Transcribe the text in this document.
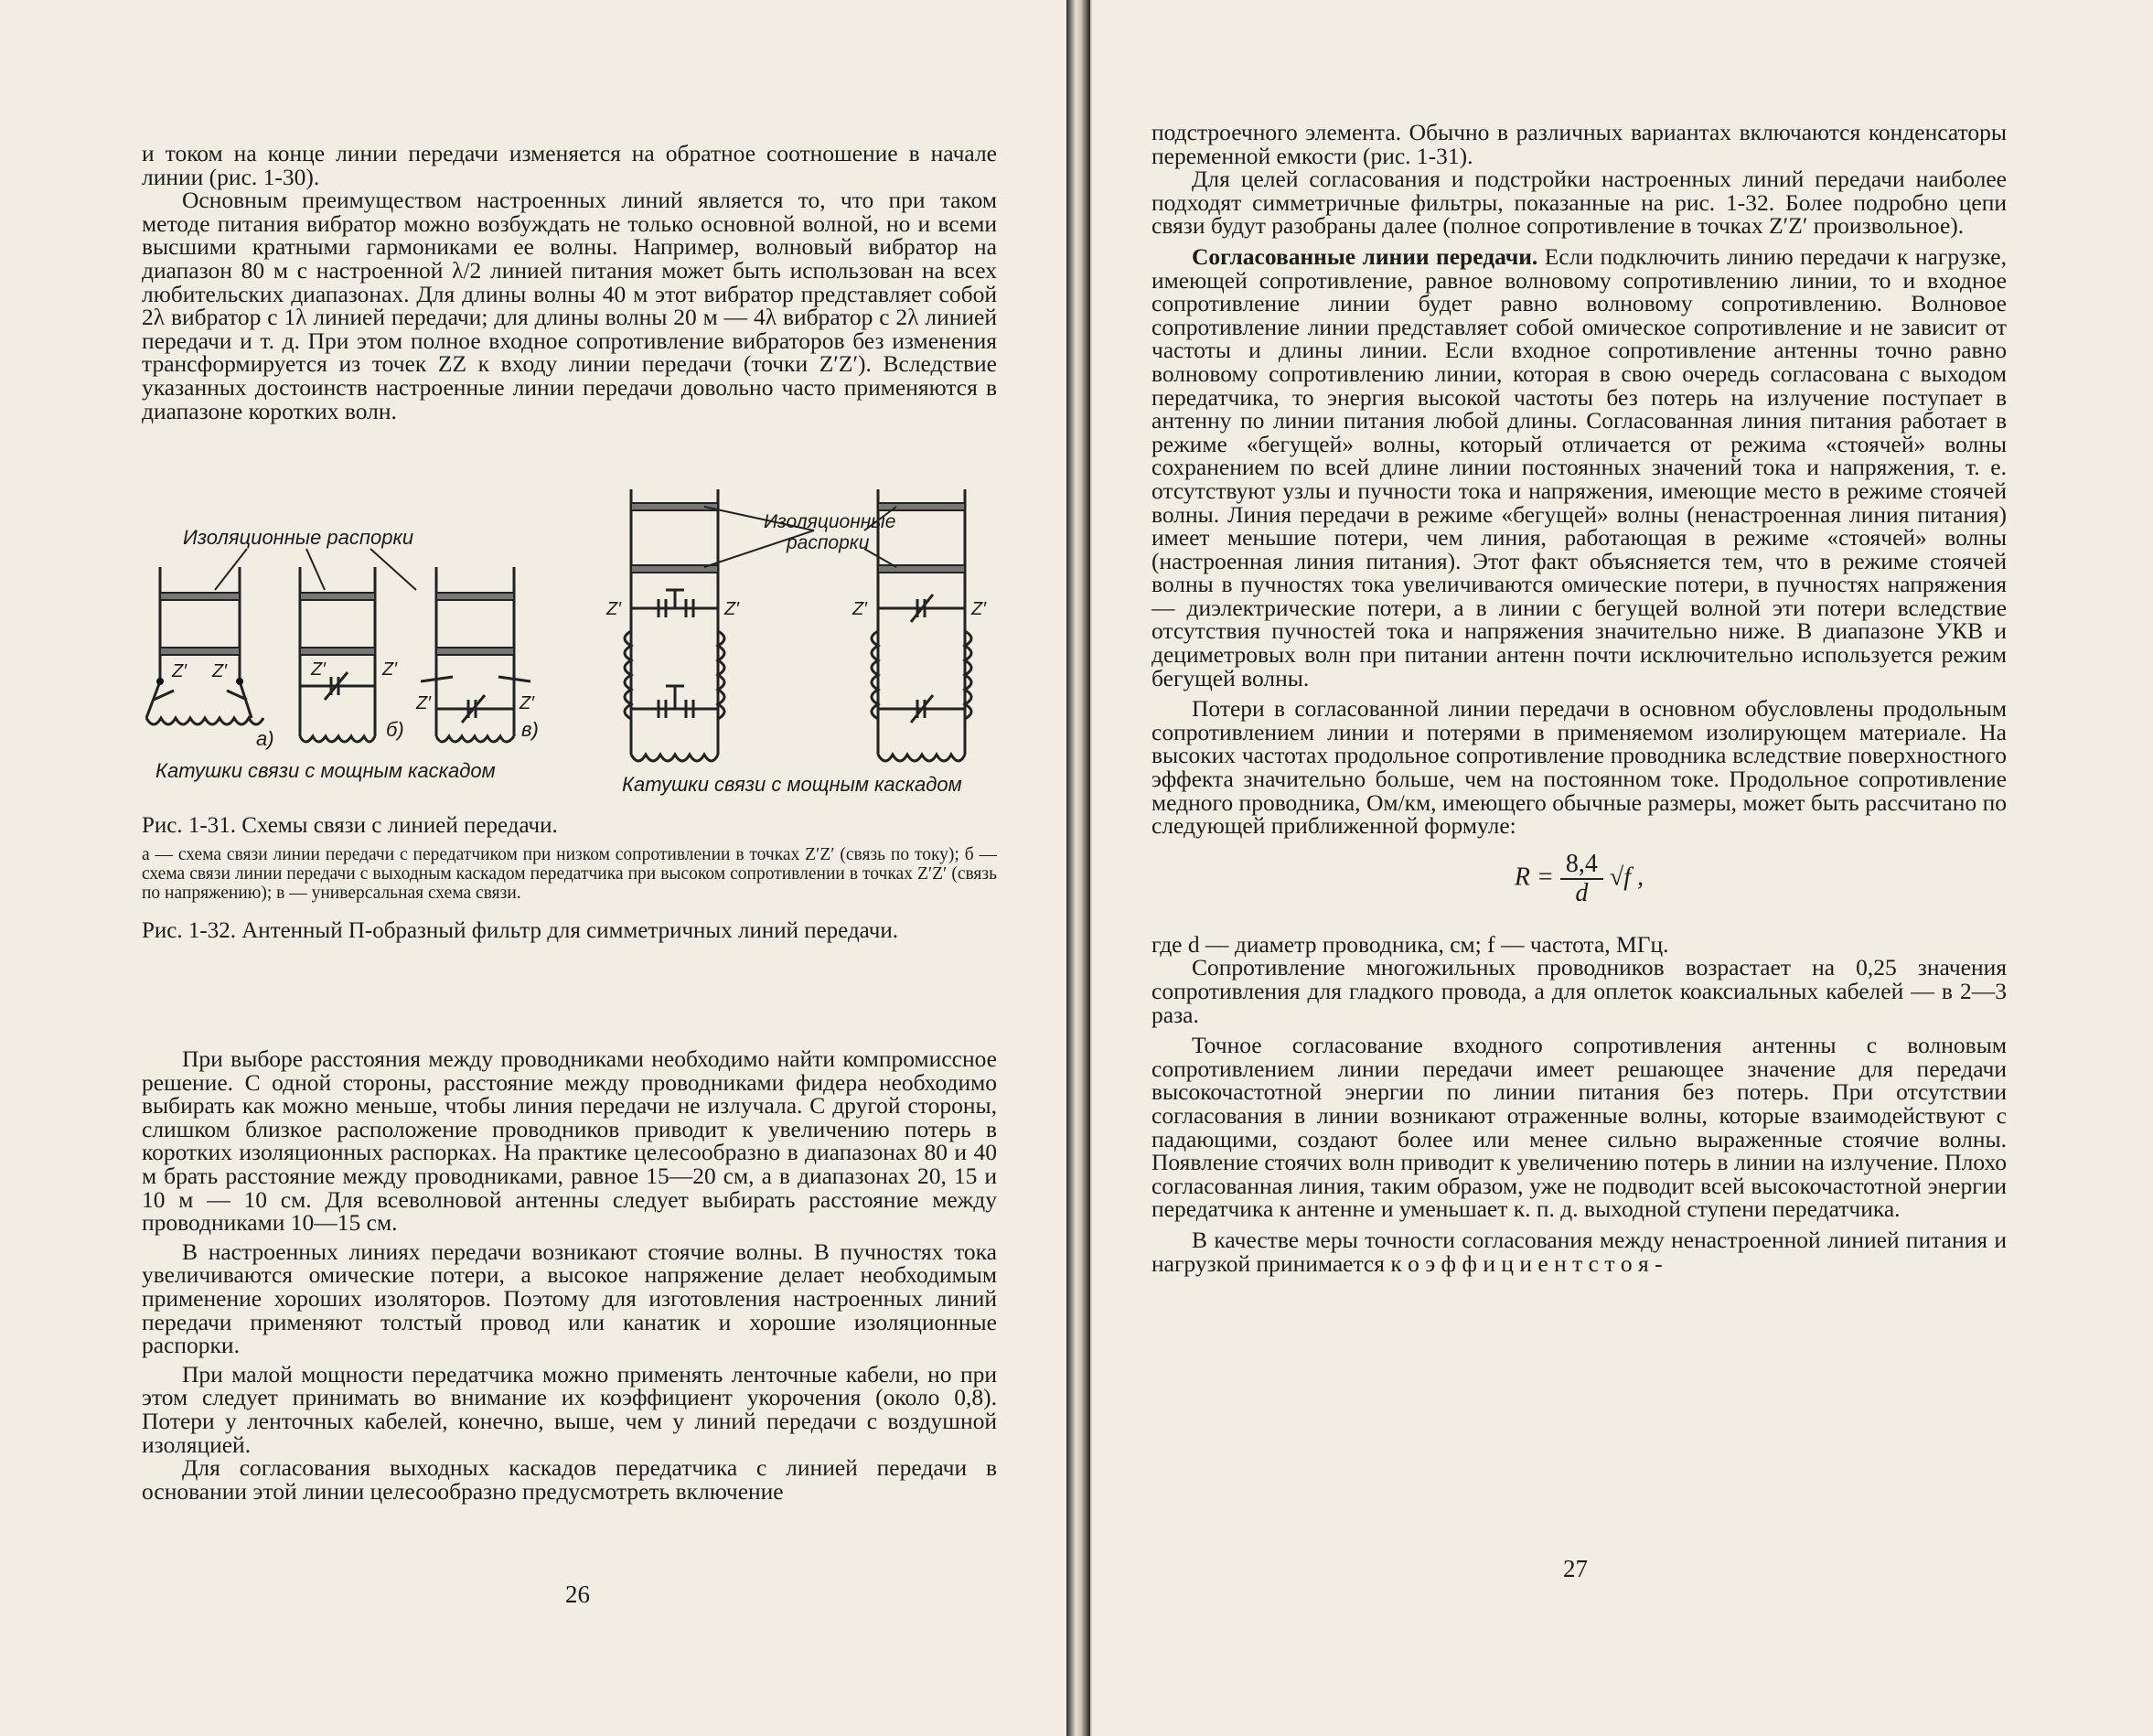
и током на конце линии передачи изменяется на обратное соотношение в начале линии (рис. 1-30).

Основным преимуществом настроенных линий является то, что при таком методе питания вибратор можно возбуждать не только основной волной, но и всеми высшими кратными гармониками ее волны. Например, волновый вибратор на диапазон 80 м с настроенной λ/2 линией питания может быть использован на всех любительских диапазонах. Для длины волны 40 м этот вибратор представляет собой 2λ вибратор с 1λ линией передачи; для длины волны 20 м — 4λ вибратор с 2λ линией передачи и т. д. При этом полное входное сопротивление вибраторов без изменения трансформируется из точек ZZ к входу линии передачи (точки Z′Z′). Вследствие указанных достоинств настроенные линии передачи довольно часто применяются в диапазоне коротких волн.

Изоляционные распорки
Z′ Z′
а)
Z′	Z′
б)
Z′	Z′
в)
Катушки связи с мощным каскадом
Изоляционные
распорки
Z′	Z′	Z′	Z′
Катушки связи с мощным каскадом

Рис. 1-31. Схемы связи с линией передачи.

а — схема связи линии передачи с передатчиком при низком сопротивлении в точках Z′Z′ (связь по току); б — схема связи линии передачи с выходным каскадом передатчика при высоком сопротивлении в точках Z′Z′ (связь по напряжению); в — универсальная схема связи.

Рис. 1-32. Антенный П-образный фильтр для симметричных линий передачи.

При выборе расстояния между проводниками необходимо найти компромиссное решение. С одной стороны, расстояние между проводниками фидера необходимо выбирать как можно меньше, чтобы линия передачи не излучала. С другой стороны, слишком близкое расположение проводников приводит к увеличению потерь в коротких изоляционных распорках. На практике целесообразно в диапазонах 80 и 40 м брать расстояние между проводниками, равное 15—20 см, а в диапазонах 20, 15 и 10 м — 10 см. Для всеволновой антенны следует выбирать расстояние между проводниками 10—15 см.

В настроенных линиях передачи возникают стоячие волны. В пучностях тока увеличиваются омические потери, а высокое напряжение делает необходимым применение хороших изоляторов. Поэтому для изготовления настроенных линий передачи применяют толстый провод или канатик и хорошие изоляционные распорки.

При малой мощности передатчика можно применять ленточные кабели, но при этом следует принимать во внимание их коэффициент укорочения (около 0,8). Потери у ленточных кабелей, конечно, выше, чем у линий передачи с воздушной изоляцией.

Для согласования выходных каскадов передатчика с линией передачи в основании этой линии целесообразно предусмотреть включение

26

подстроечного элемента. Обычно в различных вариантах включаются конденсаторы переменной емкости (рис. 1-31).

Для целей согласования и подстройки настроенных линий передачи наиболее подходят симметричные фильтры, показанные на рис. 1-32. Более подробно цепи связи будут разобраны далее (полное сопротивление в точках Z′Z′ произвольное).

Согласованные линии передачи. Если подключить линию передачи к нагрузке, имеющей сопротивление, равное волновому сопротивлению линии, то и входное сопротивление линии будет равно волновому сопротивлению. Волновое сопротивление линии представляет собой омическое сопротивление и не зависит от частоты и длины линии. Если входное сопротивление антенны точно равно волновому сопротивлению линии, которая в свою очередь согласована с выходом передатчика, то энергия высокой частоты без потерь на излучение поступает в антенну по линии питания любой длины. Согласованная линия питания работает в режиме «бегущей» волны, который отличается от режима «стоячей» волны сохранением по всей длине линии постоянных значений тока и напряжения, т. е. отсутствуют узлы и пучности тока и напряжения, имеющие место в режиме стоячей волны. Линия передачи в режиме «бегущей» волны (ненастроенная линия питания) имеет меньшие потери, чем линия, работающая в режиме «стоячей» волны (настроенная линия питания). Этот факт объясняется тем, что в режиме стоячей волны в пучностях тока увеличиваются омические потери, в пучностях напряжения — диэлектрические потери, а в линии с бегущей волной эти потери вследствие отсутствия пучностей тока и напряжения значительно ниже. В диапазоне УКВ и дециметровых волн при питании антенн почти исключительно используется режим бегущей волны.

Потери в согласованной линии передачи в основном обусловлены продольным сопротивлением линии и потерями в применяемом изолирующем материале. На высоких частотах продольное сопротивление проводника вследствие поверхностного эффекта значительно больше, чем на постоянном токе. Продольное сопротивление медного проводника, Ом/км, имеющего обычные размеры, может быть рассчитано по следующей приближенной формуле:

$R = \frac{8,4}{d} √f$ ,

где d — диаметр проводника, см; f — частота, МГц.

Сопротивление многожильных проводников возрастает на 0,25 значения сопротивления для гладкого провода, а для оплеток коаксиальных кабелей — в 2—3 раза.

Точное согласование входного сопротивления антенны с волновым сопротивлением линии передачи имеет решающее значение для передачи высокочастотной энергии по линии питания без потерь. При отсутствии согласования в линии возникают отраженные волны, которые взаимодействуют с падающими, создают более или менее сильно выраженные стоячие волны. Появление стоячих волн приводит к увеличению потерь в линии на излучение. Плохо согласованная линия, таким образом, уже не подводит всей высокочастотной энергии передатчика к антенне и уменьшает к. п. д. выходной ступени передатчика.

В качестве меры точности согласования между ненастроенной линией питания и нагрузкой принимается к о э ф ф и ц и е н т с т о я -

27
